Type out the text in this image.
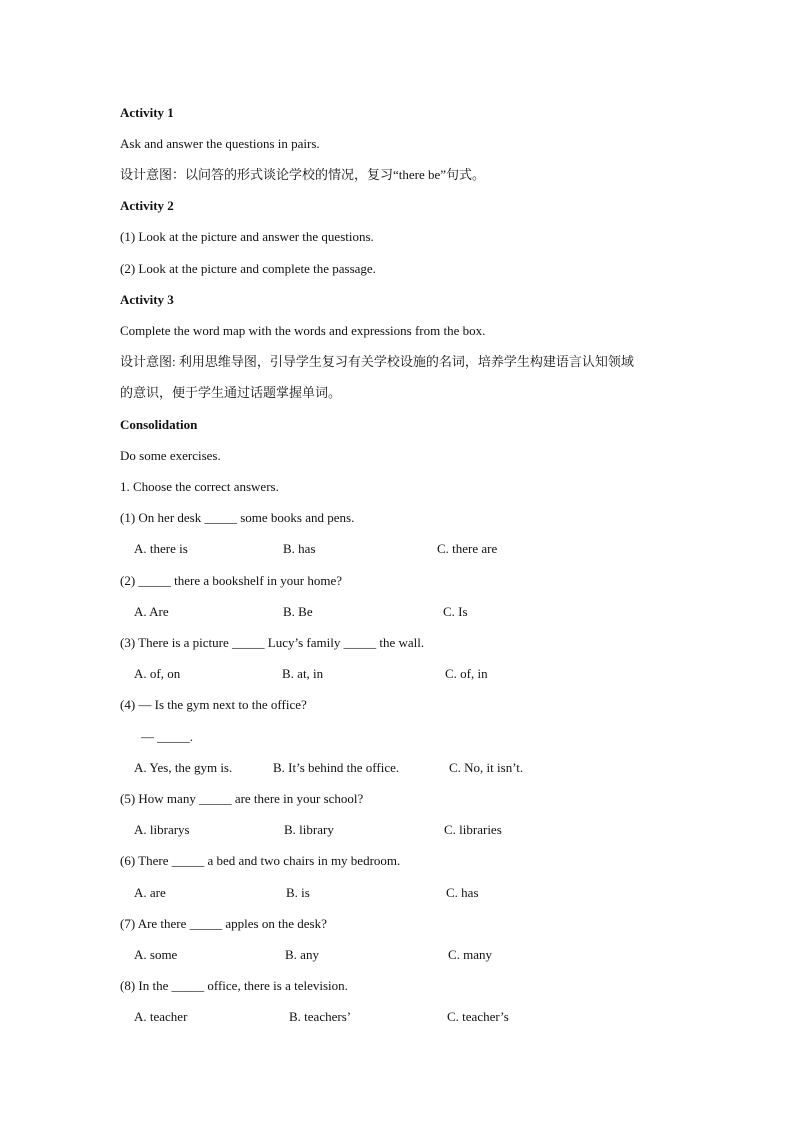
Activity 1
Ask and answer the questions in pairs.
设计意图：以问答的形式谈论学校的情况，复习“there be”句式。
Activity 2
(1) Look at the picture and answer the questions.
(2) Look at the picture and complete the passage.
Activity 3
Complete the word map with the words and expressions from the box.
设计意图: 利用思维导图，引导学生复习有关学校设施的名词，培养学生构建语言认知领域
的意识，便于学生通过话题掌握单词。
Consolidation
Do some exercises.
1. Choose the correct answers.
(1) On her desk _____ some books and pens.
A. there is	B. has	C. there are
(2) _____ there a bookshelf in your home?
A. Are	B. Be	C. Is
(3) There is a picture _____ Lucy’s family _____ the wall.
A. of, on	B. at, in	C. of, in
(4) — Is the gym next to the office?
— _____.
A. Yes, the gym is.	B. It’s behind the office.	C. No, it isn’t.
(5) How many _____ are there in your school?
A. librarys	B. library	C. libraries
(6) There _____ a bed and two chairs in my bedroom.
A. are	B. is	C. has
(7) Are there _____ apples on the desk?
A. some	B. any	C. many
(8) In the _____ office, there is a television.
A. teacher	B. teachers’	C. teacher’s
